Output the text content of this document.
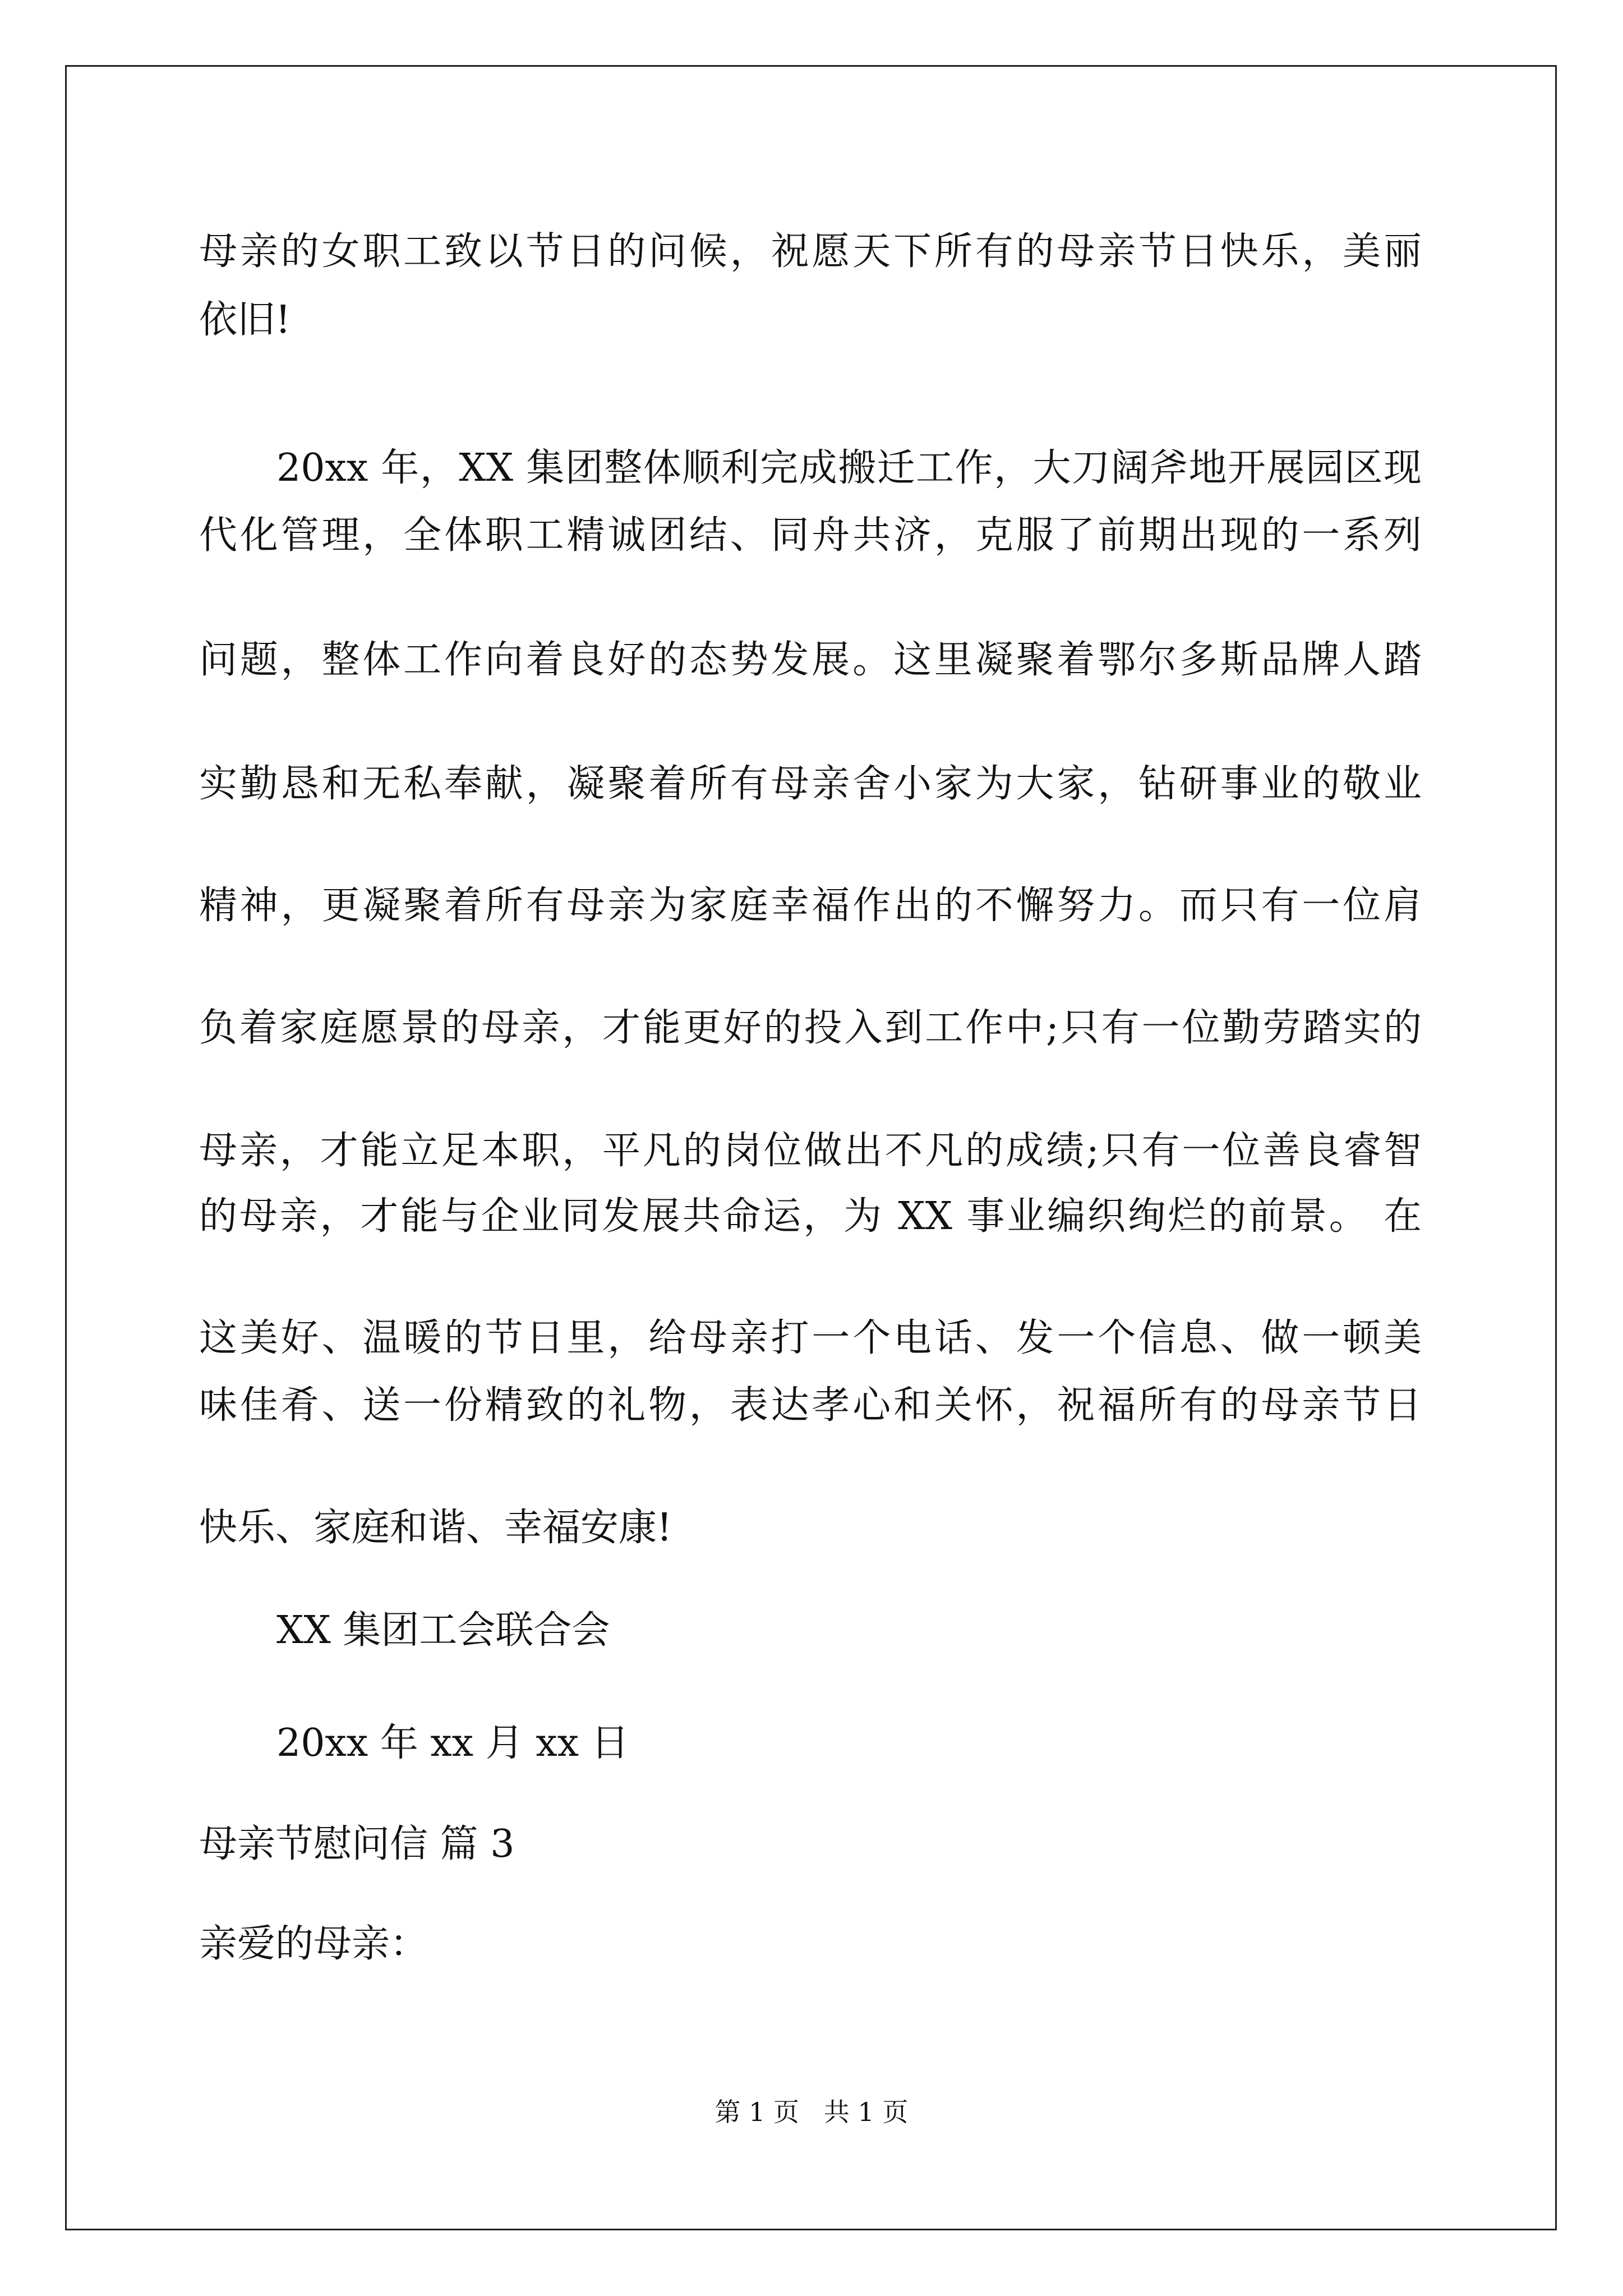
母亲的女职工致以节日的问候，祝愿天下所有的母亲节日快乐，美丽
依旧!
20xx 年，XX 集团整体顺利完成搬迁工作，大刀阔斧地开展园区现
代化管理，全体职工精诚团结、同舟共济，克服了前期出现的一系列
问题，整体工作向着良好的态势发展。这里凝聚着鄂尔多斯品牌人踏
实勤恳和无私奉献，凝聚着所有母亲舍小家为大家，钻研事业的敬业
精神，更凝聚着所有母亲为家庭幸福作出的不懈努力。而只有一位肩
负着家庭愿景的母亲，才能更好的投入到工作中;只有一位勤劳踏实的
母亲，才能立足本职，平凡的岗位做出不凡的成绩;只有一位善良睿智
的母亲，才能与企业同发展共命运，为 XX 事业编织绚烂的前景。 在
这美好、温暖的节日里，给母亲打一个电话、发一个信息、做一顿美
味佳肴、送一份精致的礼物，表达孝心和关怀，祝福所有的母亲节日
快乐、家庭和谐、幸福安康!
XX 集团工会联合会
20xx 年 xx 月 xx 日
母亲节慰问信 篇 3
亲爱的母亲：
第 1 页   共 1 页
